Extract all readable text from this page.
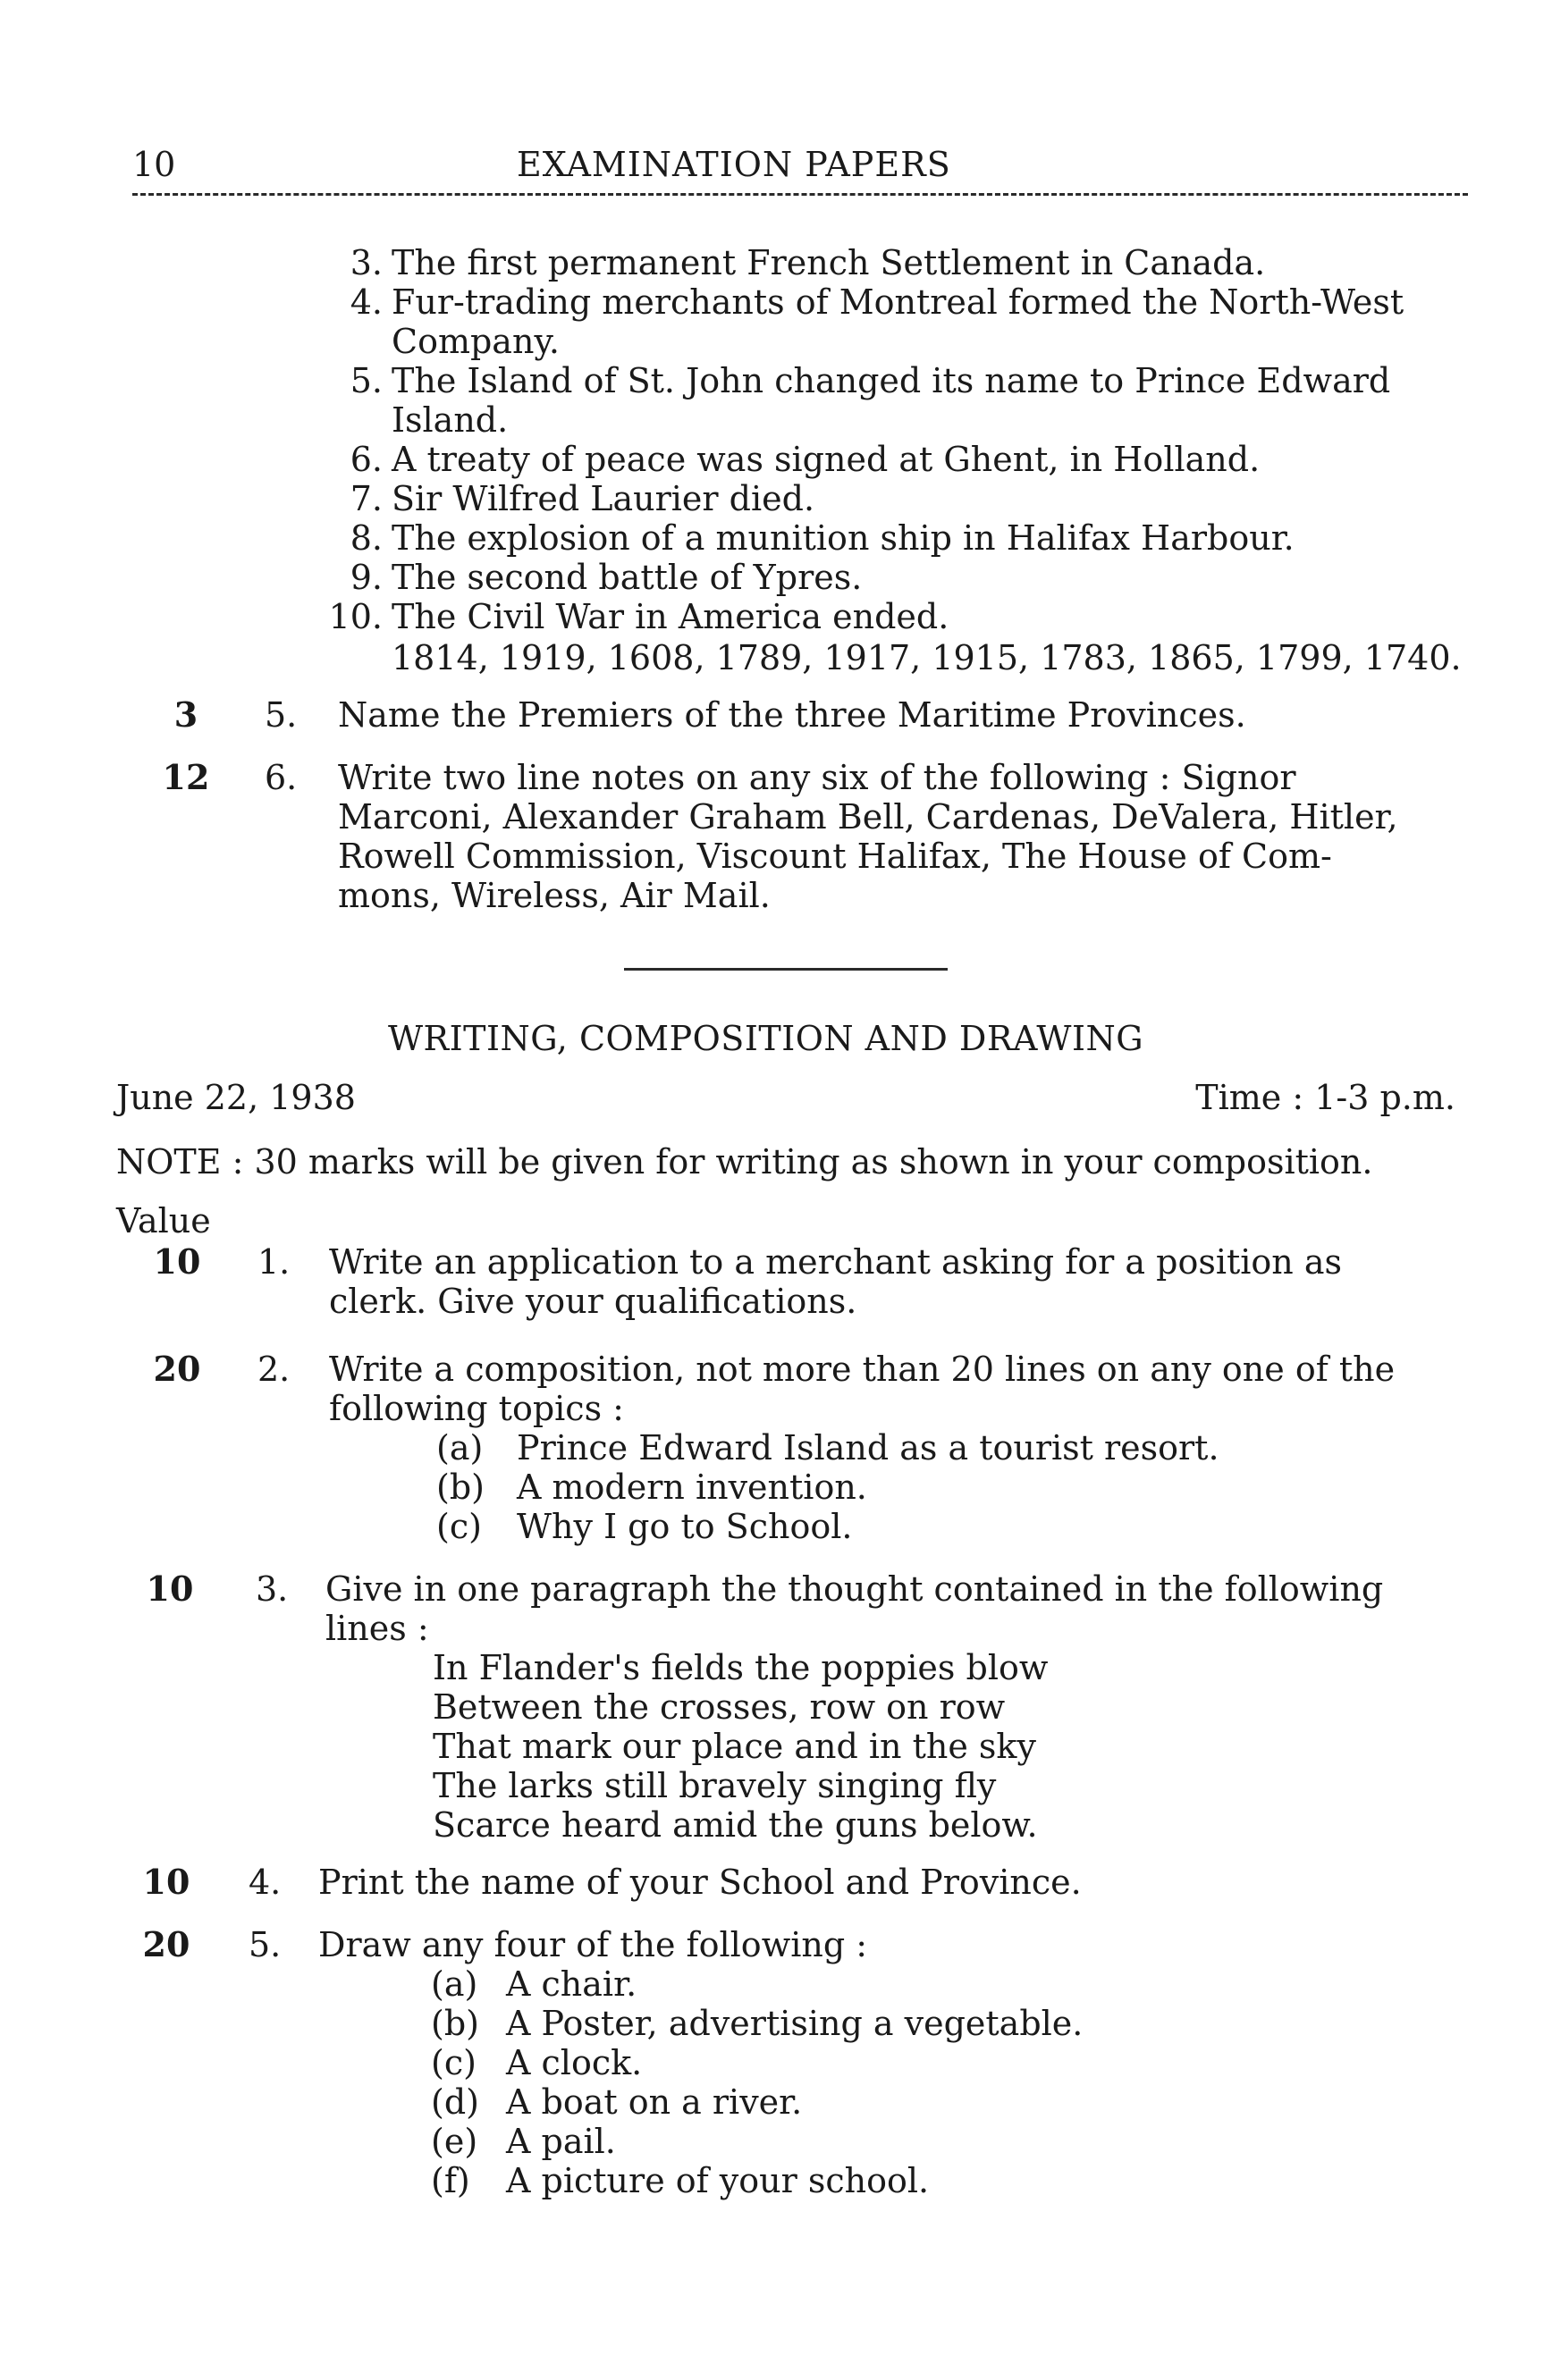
10	EXAMINATION PAPERS
3. The first permanent French Settlement in Canada.
4. Fur-trading merchants of Montreal formed the North-West
Company.
5. The Island of St. John changed its name to Prince Edward
Island.
6. A treaty of peace was signed at Ghent, in Holland.
7. Sir Wilfred Laurier died.
8. The explosion of a munition ship in Halifax Harbour.
9. The second battle of Ypres.
10. The Civil War in America ended.
1814, 1919, 1608, 1789, 1917, 1915, 1783, 1865, 1799, 1740.
3	5. Name the Premiers of the three Maritime Provinces.
12 6. Write two line notes on any six of the following : Signor
Marconi, Alexander Graham Bell, Cardenas, DeValera, Hitler,
Rowell Commission, Viscount Halifax, The House of Com-
mons, Wireless, Air Mail.
WRITING, COMPOSITION AND DRAWING
June 22, 1938	Time : 1-3 p.m.
NOTE : 30 marks will be given for writing as shown in your composition.
Value
10 1. Write an application to a merchant asking for a position as
clerk. Give your qualifications.
20 2. Write a composition, not more than 20 lines on any one of the
following topics :
(a) Prince Edward Island as a tourist resort.
(b) A modern invention.
(c) Why I go to School.
10 3. Give in one paragraph the thought contained in the following
lines :
In Flander's fields the poppies blow
Between the crosses, row on row
That mark our place and in the sky
The larks still bravely singing fly
Scarce heard amid the guns below.
10 4. Print the name of your School and Province.
20 5. Draw any four of the following :
(a) A chair.
(b) A Poster, advertising a vegetable.
(c) A clock.
(d) A boat on a river.
(e) A pail.
(f) A picture of your school.
